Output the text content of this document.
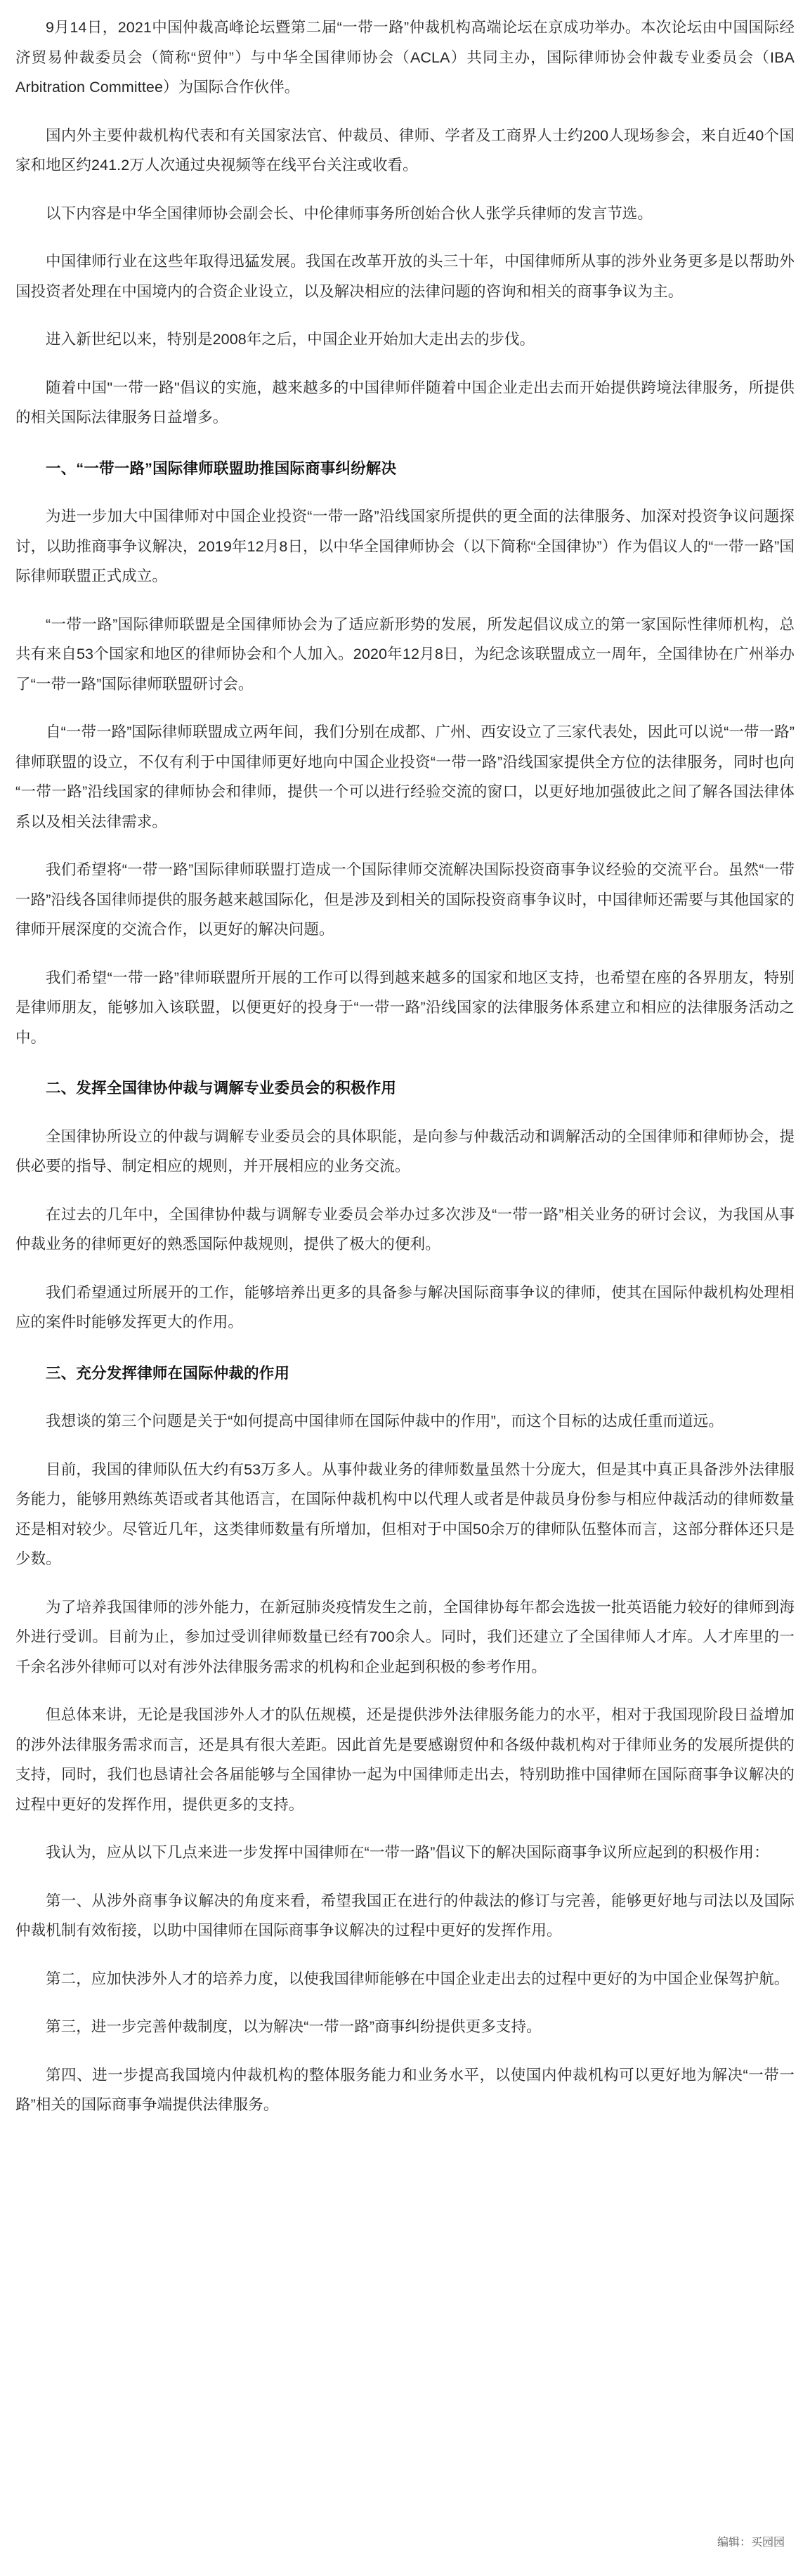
9月14日，2021中国仲裁高峰论坛暨第二届“一带一路”仲裁机构高端论坛在京成功举办。本次论坛由中国国际经济贸易仲裁委员会（简称“贸仲”）与中华全国律师协会（ACLA）共同主办，国际律师协会仲裁专业委员会（IBA Arbitration Committee）为国际合作伙伴。

国内外主要仲裁机构代表和有关国家法官、仲裁员、律师、学者及工商界人士约200人现场参会，来自近40个国家和地区约241.2万人次通过央视频等在线平台关注或收看。

以下内容是中华全国律师协会副会长、中伦律师事务所创始合伙人张学兵律师的发言节选。

中国律师行业在这些年取得迅猛发展。我国在改革开放的头三十年，中国律师所从事的涉外业务更多是以帮助外国投资者处理在中国境内的合资企业设立，以及解决相应的法律问题的咨询和相关的商事争议为主。

进入新世纪以来，特别是2008年之后，中国企业开始加大走出去的步伐。

随着中国"一带一路"倡议的实施，越来越多的中国律师伴随着中国企业走出去而开始提供跨境法律服务，所提供的相关国际法律服务日益增多。

一、“一带一路”国际律师联盟助推国际商事纠纷解决

为进一步加大中国律师对中国企业投资“一带一路”沿线国家所提供的更全面的法律服务、加深对投资争议问题探讨，以助推商事争议解决，2019年12月8日，以中华全国律师协会（以下简称“全国律协”）作为倡议人的“一带一路”国际律师联盟正式成立。

“一带一路”国际律师联盟是全国律师协会为了适应新形势的发展，所发起倡议成立的第一家国际性律师机构，总共有来自53个国家和地区的律师协会和个人加入。2020年12月8日，为纪念该联盟成立一周年，全国律协在广州举办了“一带一路”国际律师联盟研讨会。

自“一带一路”国际律师联盟成立两年间，我们分别在成都、广州、西安设立了三家代表处，因此可以说“一带一路”律师联盟的设立，不仅有利于中国律师更好地向中国企业投资“一带一路”沿线国家提供全方位的法律服务，同时也向“一带一路”沿线国家的律师协会和律师，提供一个可以进行经验交流的窗口，以更好地加强彼此之间了解各国法律体系以及相关法律需求。

我们希望将“一带一路”国际律师联盟打造成一个国际律师交流解决国际投资商事争议经验的交流平台。虽然“一带一路”沿线各国律师提供的服务越来越国际化，但是涉及到相关的国际投资商事争议时，中国律师还需要与其他国家的律师开展深度的交流合作，以更好的解决问题。

我们希望“一带一路”律师联盟所开展的工作可以得到越来越多的国家和地区支持，也希望在座的各界朋友，特别是律师朋友，能够加入该联盟，以便更好的投身于“一带一路”沿线国家的法律服务体系建立和相应的法律服务活动之中。

二、发挥全国律协仲裁与调解专业委员会的积极作用

全国律协所设立的仲裁与调解专业委员会的具体职能，是向参与仲裁活动和调解活动的全国律师和律师协会，提供必要的指导、制定相应的规则，并开展相应的业务交流。

在过去的几年中，全国律协仲裁与调解专业委员会举办过多次涉及“一带一路”相关业务的研讨会议，为我国从事仲裁业务的律师更好的熟悉国际仲裁规则，提供了极大的便利。

我们希望通过所展开的工作，能够培养出更多的具备参与解决国际商事争议的律师，使其在国际仲裁机构处理相应的案件时能够发挥更大的作用。

三、充分发挥律师在国际仲裁的作用

我想谈的第三个问题是关于“如何提高中国律师在国际仲裁中的作用”，而这个目标的达成任重而道远。

目前，我国的律师队伍大约有53万多人。从事仲裁业务的律师数量虽然十分庞大，但是其中真正具备涉外法律服务能力，能够用熟练英语或者其他语言，在国际仲裁机构中以代理人或者是仲裁员身份参与相应仲裁活动的律师数量还是相对较少。尽管近几年，这类律师数量有所增加，但相对于中国50余万的律师队伍整体而言，这部分群体还只是少数。

为了培养我国律师的涉外能力，在新冠肺炎疫情发生之前，全国律协每年都会选拔一批英语能力较好的律师到海外进行受训。目前为止，参加过受训律师数量已经有700余人。同时，我们还建立了全国律师人才库。人才库里的一千余名涉外律师可以对有涉外法律服务需求的机构和企业起到积极的参考作用。

但总体来讲，无论是我国涉外人才的队伍规模，还是提供涉外法律服务能力的水平，相对于我国现阶段日益增加的涉外法律服务需求而言，还是具有很大差距。因此首先是要感谢贸仲和各级仲裁机构对于律师业务的发展所提供的支持，同时，我们也恳请社会各届能够与全国律协一起为中国律师走出去，特别助推中国律师在国际商事争议解决的过程中更好的发挥作用，提供更多的支持。

我认为，应从以下几点来进一步发挥中国律师在“一带一路”倡议下的解决国际商事争议所应起到的积极作用：

第一、从涉外商事争议解决的角度来看，希望我国正在进行的仲裁法的修订与完善，能够更好地与司法以及国际仲裁机制有效衔接，以助中国律师在国际商事争议解决的过程中更好的发挥作用。

第二，应加快涉外人才的培养力度，以使我国律师能够在中国企业走出去的过程中更好的为中国企业保驾护航。

第三，进一步完善仲裁制度，以为解决“一带一路”商事纠纷提供更多支持。

第四、进一步提高我国境内仲裁机构的整体服务能力和业务水平，以使国内仲裁机构可以更好地为解决“一带一路”相关的国际商事争端提供法律服务。

编辑：买园园
